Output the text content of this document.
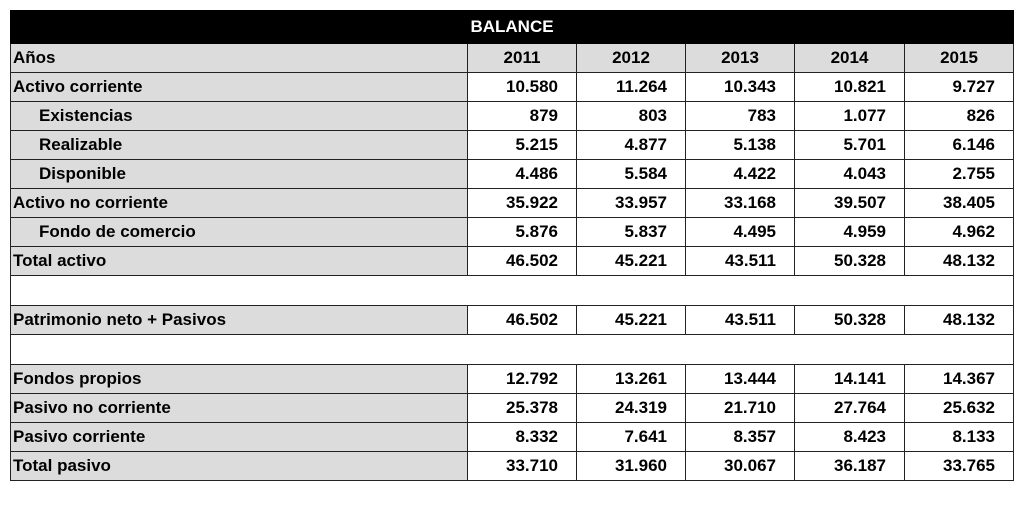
BALANCE					
Años	2011	2012	2013	2014	2015
Activo corriente	10.580	11.264	10.343	10.821	9.727
Existencias	879	803	783	1.077	826
Realizable	5.215	4.877	5.138	5.701	6.146
Disponible	4.486	5.584	4.422	4.043	2.755
Activo no corriente	35.922	33.957	33.168	39.507	38.405
Fondo de comercio	5.876	5.837	4.495	4.959	4.962
Total activo	46.502	45.221	43.511	50.328	48.132

Patrimonio neto + Pasivos	46.502	45.221	43.511	50.328	48.132

Fondos propios	12.792	13.261	13.444	14.141	14.367
Pasivo no corriente	25.378	24.319	21.710	27.764	25.632
Pasivo corriente	8.332	7.641	8.357	8.423	8.133
Total pasivo	33.710	31.960	30.067	36.187	33.765
